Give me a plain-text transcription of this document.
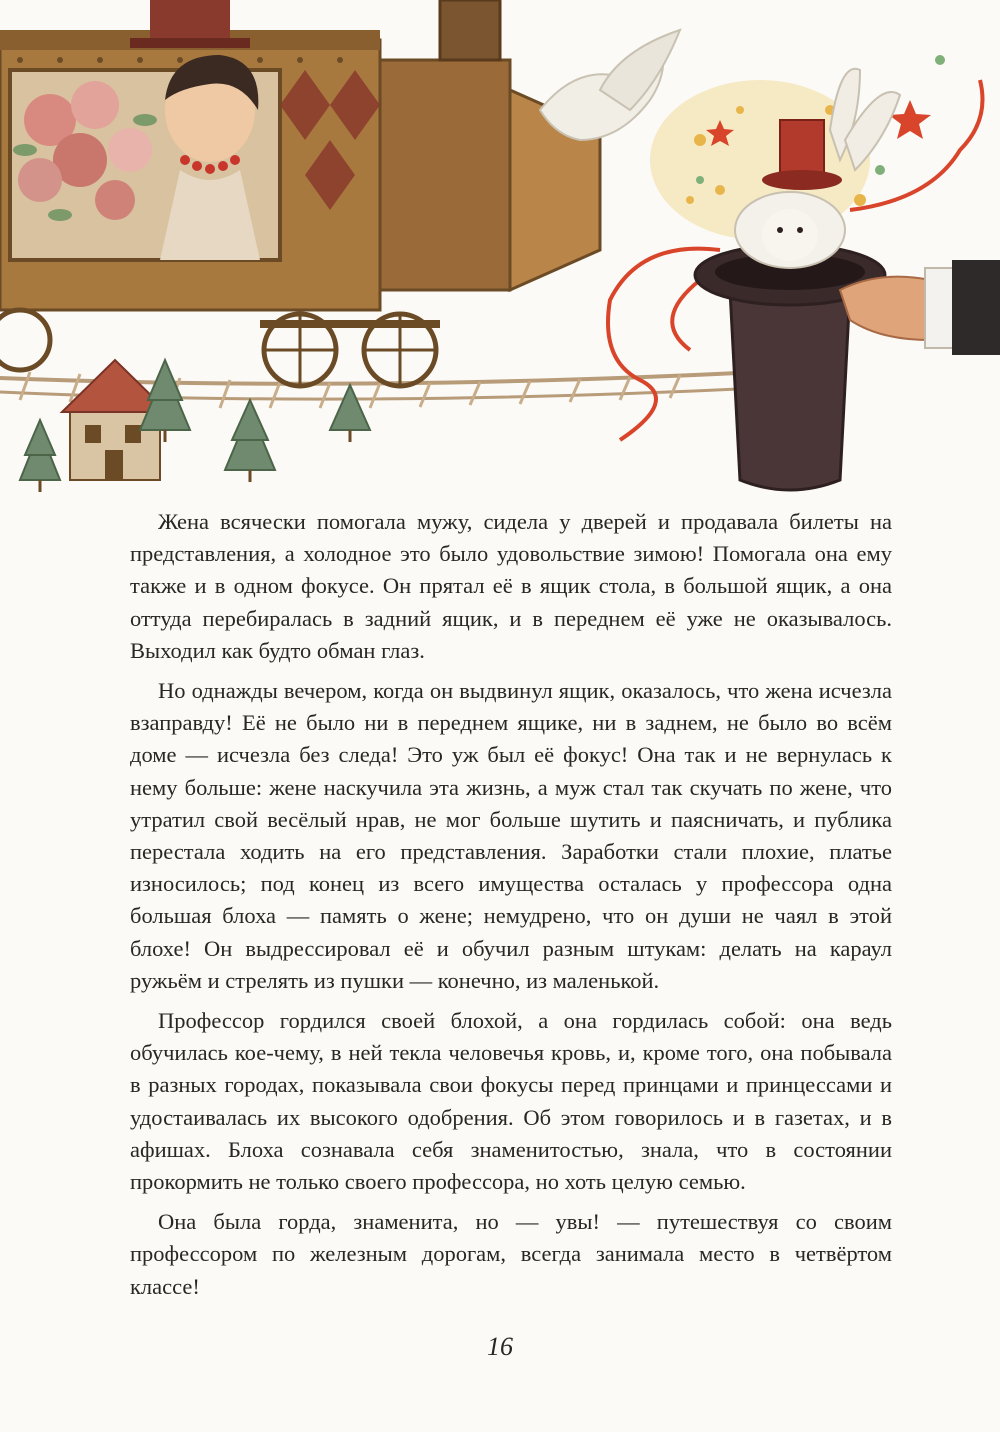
Жена всячески помогала мужу, сидела у дверей и продавала билеты на представления, а холодное это было удовольствие зимою! Помогала она ему также и в одном фокусе. Он прятал её в ящик стола, в большой ящик, а она оттуда перебиралась в задний ящик, и в переднем её уже не оказывалось. Выходил как будто обман глаз.

Но однажды вечером, когда он выдвинул ящик, оказалось, что жена исчезла взаправду! Её не было ни в переднем ящике, ни в заднем, не было во всём доме — исчезла без следа! Это уж был её фокус! Она так и не вернулась к нему больше: жене наскучила эта жизнь, а муж стал так скучать по жене, что утратил свой весёлый нрав, не мог больше шутить и паясничать, и публика перестала ходить на его представления. Заработки стали плохие, платье износилось; под конец из всего имущества осталась у профессора одна большая блоха — память о жене; немудрено, что он души не чаял в этой блохе! Он выдрессировал её и обучил разным штукам: делать на караул ружьём и стрелять из пушки — конечно, из маленькой.

Профессор гордился своей блохой, а она гордилась собой: она ведь обучилась кое-чему, в ней текла человечья кровь, и, кроме того, она побывала в разных городах, показывала свои фокусы перед принцами и принцессами и удостаивалась их высокого одобрения. Об этом говорилось и в газетах, и в афишах. Блоха сознавала себя знаменитостью, знала, что в состоянии прокормить не только своего профессора, но хоть целую семью.

Она была горда, знаменита, но — увы! — путешествуя со своим профессором по железным дорогам, всегда занимала место в четвёртом классе!

16
